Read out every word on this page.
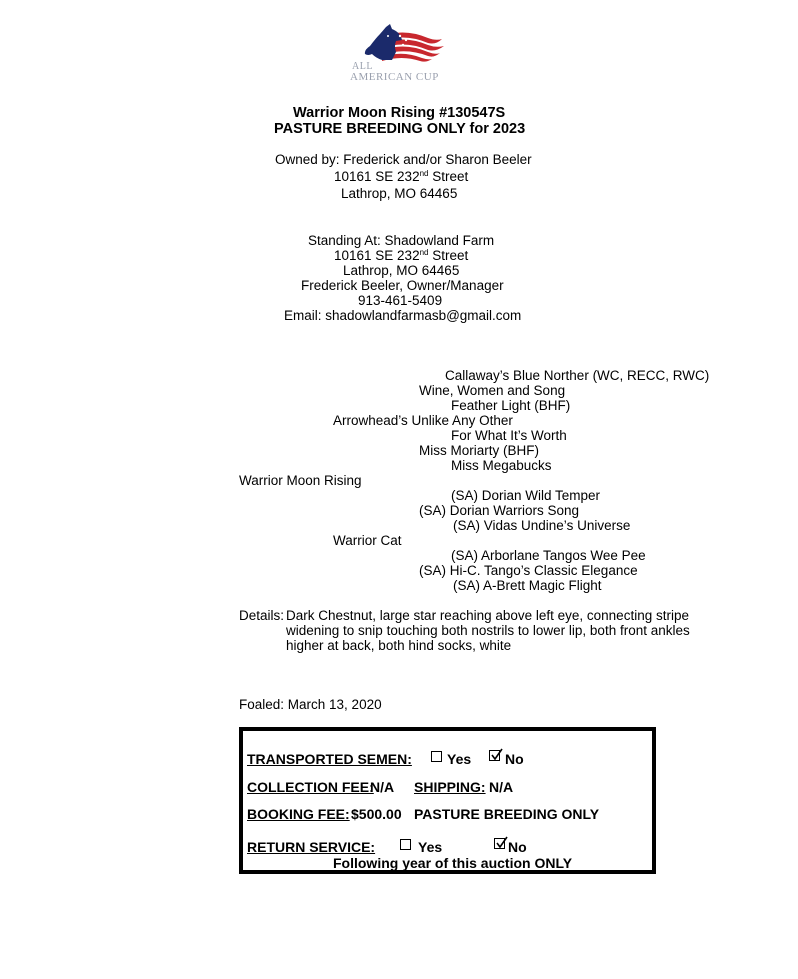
ALL
AMERICAN CUP
Warrior Moon Rising #130547S
PASTURE BREEDING ONLY for 2023
Owned by: Frederick and/or Sharon Beeler
10161 SE 232nd Street
Lathrop, MO 64465
Standing At: Shadowland Farm
10161 SE 232nd Street
Lathrop, MO 64465
Frederick Beeler, Owner/Manager
913-461-5409
Email: shadowlandfarmasb@gmail.com
Callaway’s Blue Norther (WC, RECC, RWC)
Wine, Women and Song
Feather Light (BHF)
Arrowhead’s Unlike Any Other
For What It’s Worth
Miss Moriarty (BHF)
Miss Megabucks
Warrior Moon Rising
(SA) Dorian Wild Temper
(SA) Dorian Warriors Song
(SA) Vidas Undine’s Universe
Warrior Cat
(SA) Arborlane Tangos Wee Pee
(SA) Hi-C. Tango’s Classic Elegance
(SA) A-Brett Magic Flight
Details: Dark Chestnut, large star reaching above left eye, connecting stripe
widening to snip touching both nostrils to lower lip, both front ankles
higher at back, both hind socks, white
Foaled: March 13, 2020
TRANSPORTED SEMEN:	Yes No
COLLECTION FEE:
N/A SHIPPING: N/A
BOOKING FEE: $500.00 PASTURE BREEDING ONLY
RETURN SERVICE:	Yes	No
Following year of this auction ONLY
